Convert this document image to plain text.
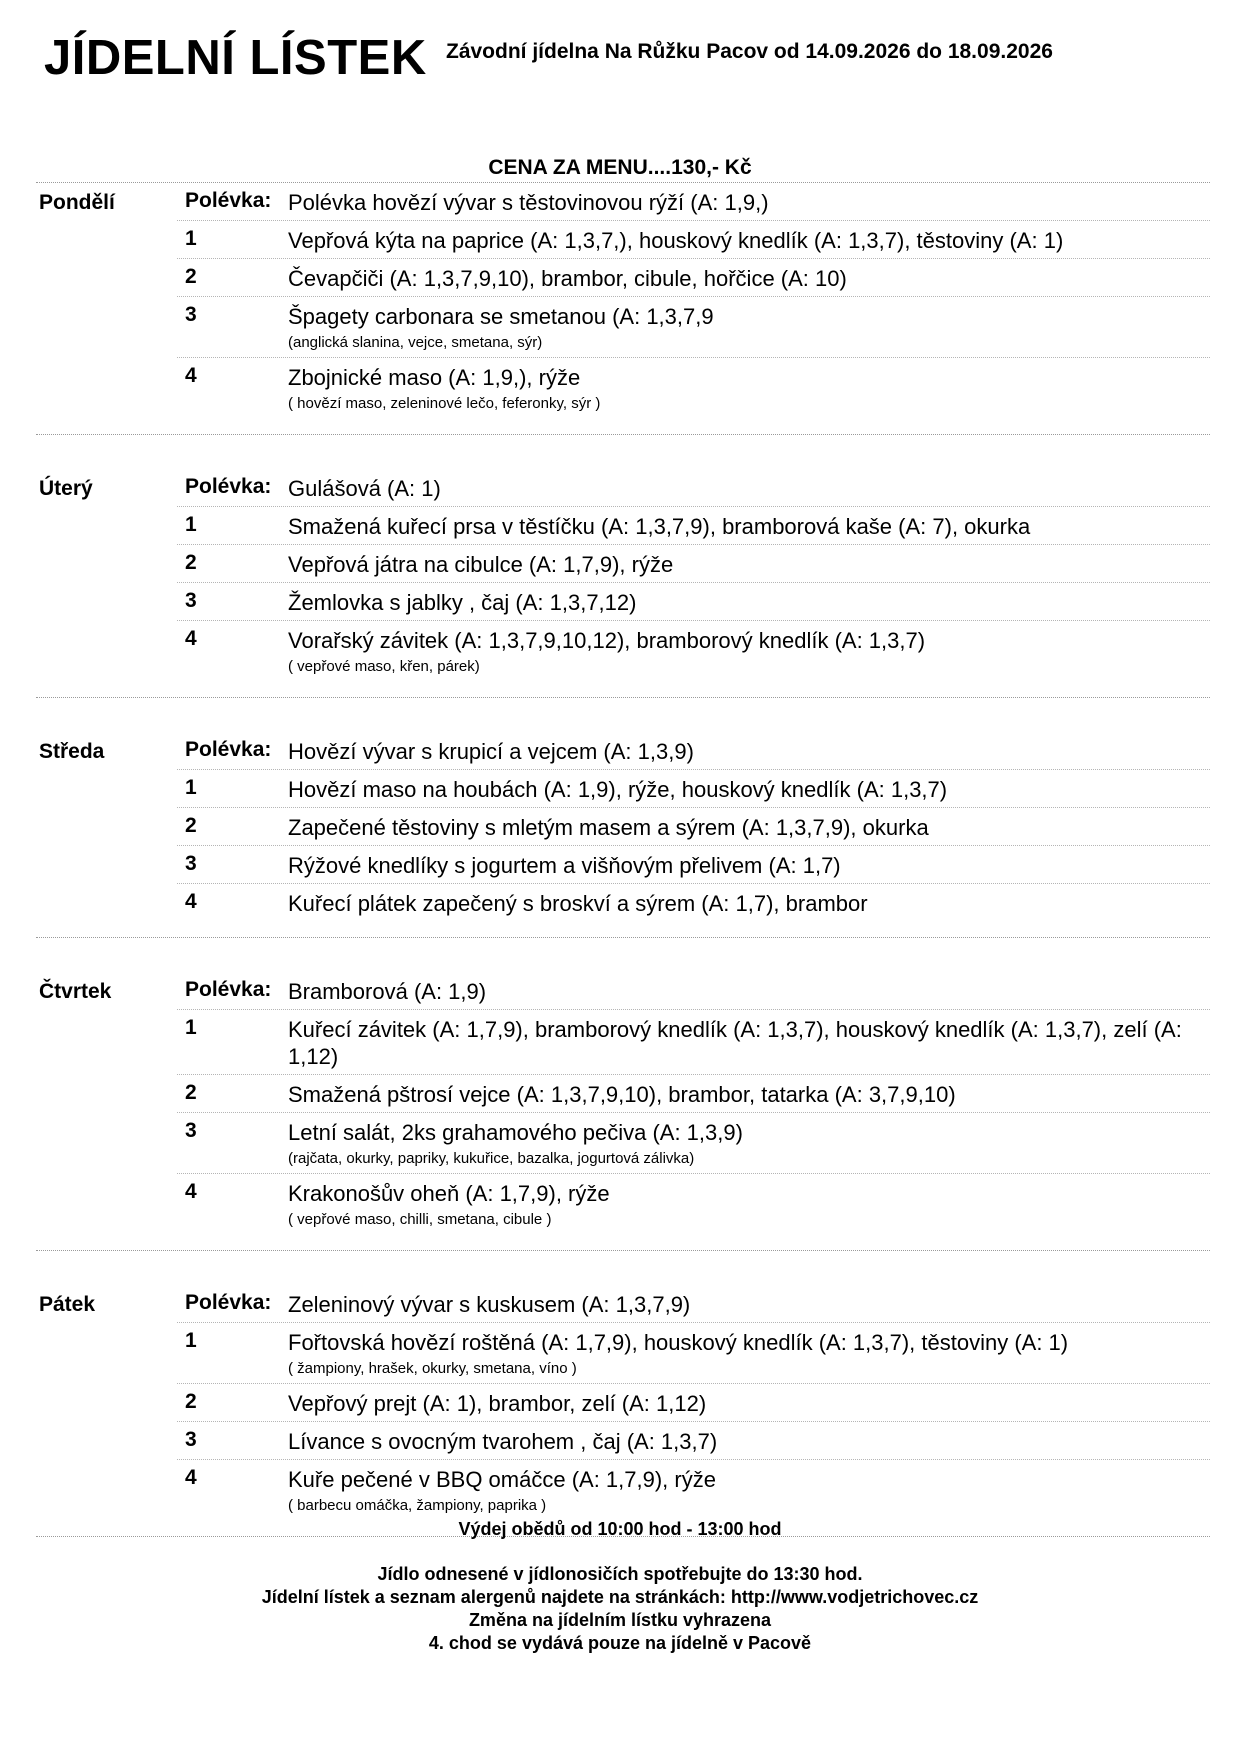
JÍDELNÍ LÍSTEK Závodní jídelna Na Růžku Pacov od 14.09.2026 do 18.09.2026
CENA ZA MENU....130,- Kč
Pondělí	Polévka: Polévka hovězí vývar s těstovinovou rýží (A: 1,9,)
1	Vepřová kýta na paprice (A: 1,3,7,), houskový knedlík (A: 1,3,7), těstoviny (A: 1)
2	Čevapčiči (A: 1,3,7,9,10), brambor, cibule, hořčice (A: 10)
3	Špagety carbonara se smetanou (A: 1,3,7,9
(anglická slanina, vejce, smetana, sýr)
4	Zbojnické maso (A: 1,9,), rýže
( hovězí maso, zeleninové lečo, feferonky, sýr )
Úterý	Polévka: Gulášová (A: 1)
1	Smažená kuřecí prsa v těstíčku (A: 1,3,7,9), bramborová kaše (A: 7), okurka
2	Vepřová játra na cibulce (A: 1,7,9), rýže
3	Žemlovka s jablky , čaj (A: 1,3,7,12)
4	Vorařský závitek (A: 1,3,7,9,10,12), bramborový knedlík (A: 1,3,7)
( vepřové maso, křen, párek)
Středa	Polévka: Hovězí vývar s krupicí a vejcem (A: 1,3,9)
1	Hovězí maso na houbách (A: 1,9), rýže, houskový knedlík (A: 1,3,7)
2	Zapečené těstoviny s mletým masem a sýrem (A: 1,3,7,9), okurka
3	Rýžové knedlíky s jogurtem a višňovým přelivem (A: 1,7)
4	Kuřecí plátek zapečený s broskví a sýrem (A: 1,7), brambor
Čtvrtek	Polévka: Bramborová (A: 1,9)
1	Kuřecí závitek (A: 1,7,9), bramborový knedlík (A: 1,3,7), houskový knedlík (A: 1,3,7), zelí (A: 1,12)
2	Smažená pštrosí vejce (A: 1,3,7,9,10), brambor, tatarka (A: 3,7,9,10)
3	Letní salát, 2ks grahamového pečiva (A: 1,3,9)
(rajčata, okurky, papriky, kukuřice, bazalka, jogurtová zálivka)
4	Krakonošův oheň (A: 1,7,9), rýže
( vepřové maso, chilli, smetana, cibule )
Pátek	Polévka: Zeleninový vývar s kuskusem (A: 1,3,7,9)
1	Fořtovská hovězí roštěná (A: 1,7,9), houskový knedlík (A: 1,3,7), těstoviny (A: 1)
( žampiony, hrašek, okurky, smetana, víno )
2	Vepřový prejt (A: 1), brambor, zelí (A: 1,12)
3	Lívance s ovocným tvarohem , čaj (A: 1,3,7)
4	Kuře pečené v BBQ omáčce (A: 1,7,9), rýže
( barbecu omáčka, žampiony, paprika )
Výdej obědů od 10:00 hod - 13:00 hod
Jídlo odnesené v jídlonosičích spotřebujte do 13:30 hod.
Jídelní lístek a seznam alergenů najdete na stránkách: http://www.vodjetrichovec.cz
Změna na jídelním lístku vyhrazena
4. chod se vydává pouze na jídelně v Pacově
